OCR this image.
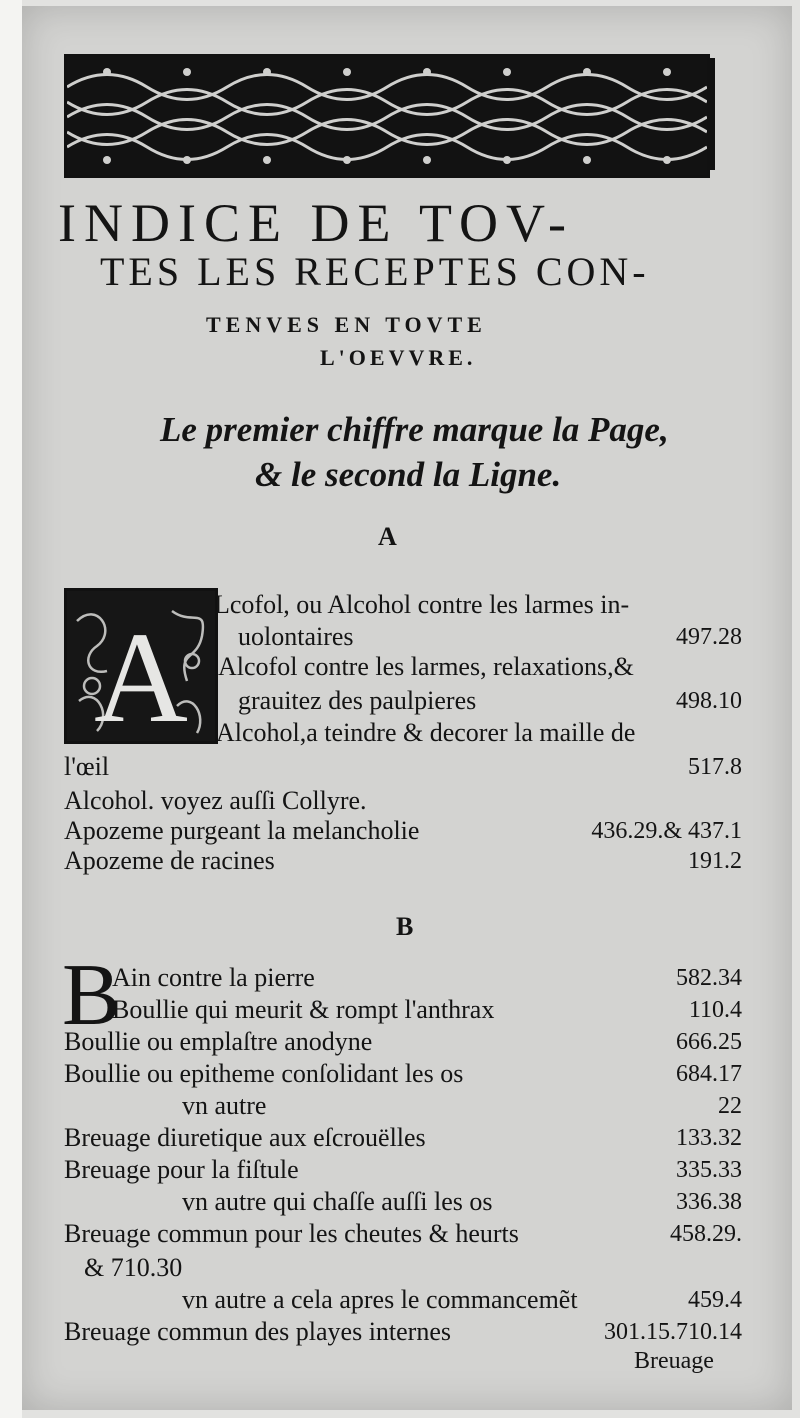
INDICE DE TOV-
TES LES RECEPTES CON-
TENVES EN TOVTE
L'OEVVRE.
Le premier chiffre marque la Page,
& le second la Ligne.
A
A
Lcofol, ou Alcohol contre les larmes in-
uolontaires	497.28
Alcofol contre les larmes, relaxations,&
grauitez des paulpieres	498.10
Alcohol,a teindre & decorer la maille de
l'œil	517.8
Alcohol. voyez auſſi Collyre.
Apozeme purgeant la melancholie	436.29.& 437.1
Apozeme de racines	191.2
B
B
Ain contre la pierre	582.34
Boullie qui meurit & rompt l'anthrax	110.4
Boullie ou emplaſtre anodyne	666.25
Boullie ou epitheme conſolidant les os	684.17
vn autre	22
Breuage diuretique aux eſcrouëlles	133.32
Breuage pour la fiſtule	335.33
vn autre qui chaſſe auſſi les os	336.38
Breuage commun pour les cheutes & heurts	458.29.
& 710.30
vn autre a cela apres le commancemẽt	459.4
Breuage commun des playes internes	301.15.710.14
Breuage
